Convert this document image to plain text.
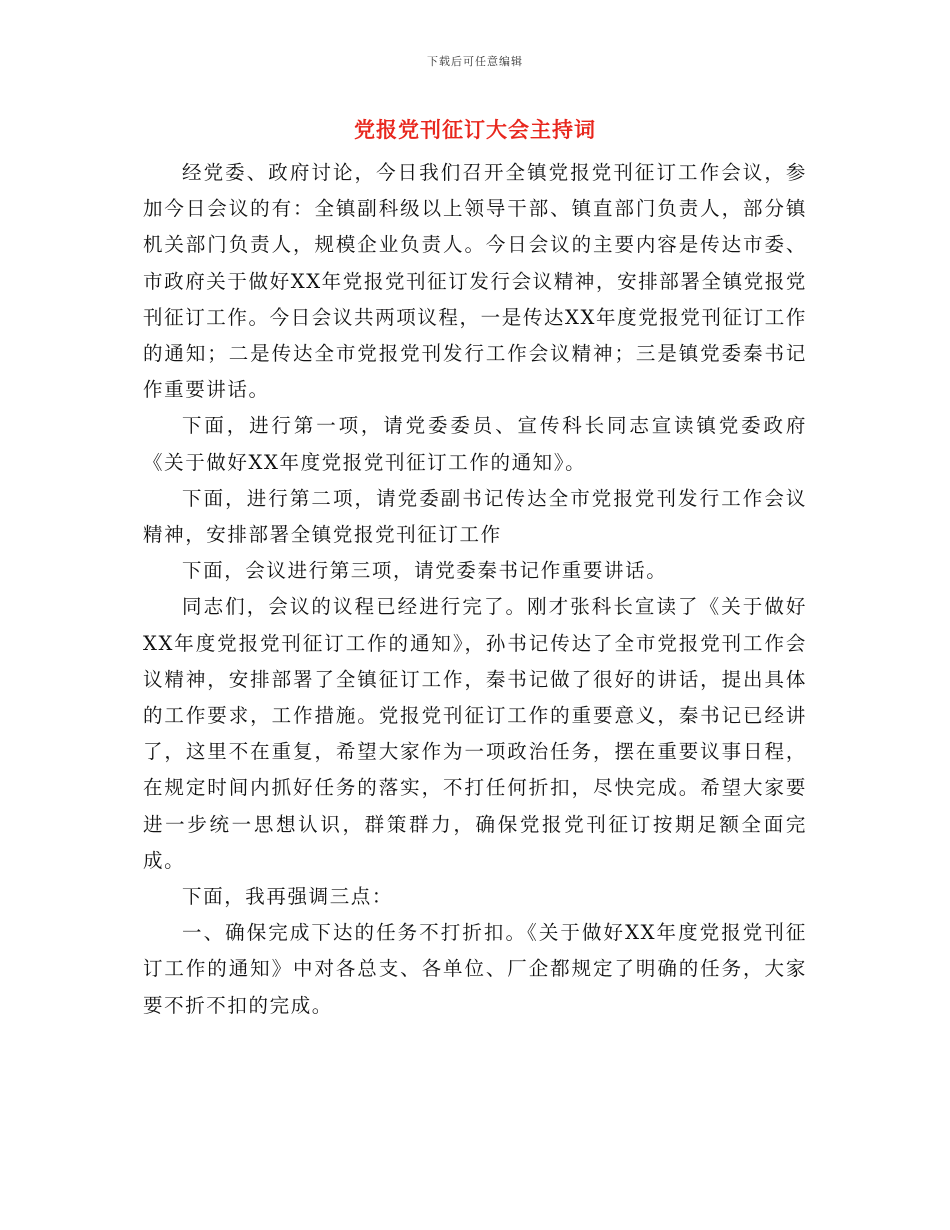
下载后可任意编辑
党报党刊征订大会主持词

经党委、政府讨论，今日我们召开全镇党报党刊征订工作会议，参加今日会议的有：全镇副科级以上领导干部、镇直部门负责人，部分镇机关部门负责人，规模企业负责人。今日会议的主要内容是传达市委、市政府关于做好XX年党报党刊征订发行会议精神，安排部署全镇党报党刊征订工作。今日会议共两项议程，一是传达XX年度党报党刊征订工作的通知；二是传达全市党报党刊发行工作会议精神；三是镇党委秦书记作重要讲话。

下面，进行第一项，请党委委员、宣传科长同志宣读镇党委政府《关于做好XX年度党报党刊征订工作的通知》。

下面，进行第二项，请党委副书记传达全市党报党刊发行工作会议精神，安排部署全镇党报党刊征订工作

下面，会议进行第三项，请党委秦书记作重要讲话。

同志们，会议的议程已经进行完了。刚才张科长宣读了《关于做好XX年度党报党刊征订工作的通知》，孙书记传达了全市党报党刊工作会议精神，安排部署了全镇征订工作，秦书记做了很好的讲话，提出具体的工作要求，工作措施。党报党刊征订工作的重要意义，秦书记已经讲了，这里不在重复，希望大家作为一项政治任务，摆在重要议事日程，在规定时间内抓好任务的落实，不打任何折扣，尽快完成。希望大家要进一步统一思想认识，群策群力，确保党报党刊征订按期足额全面完成。

下面，我再强调三点：

一、确保完成下达的任务不打折扣。《关于做好XX年度党报党刊征订工作的通知》中对各总支、各单位、厂企都规定了明确的任务，大家要不折不扣的完成。
